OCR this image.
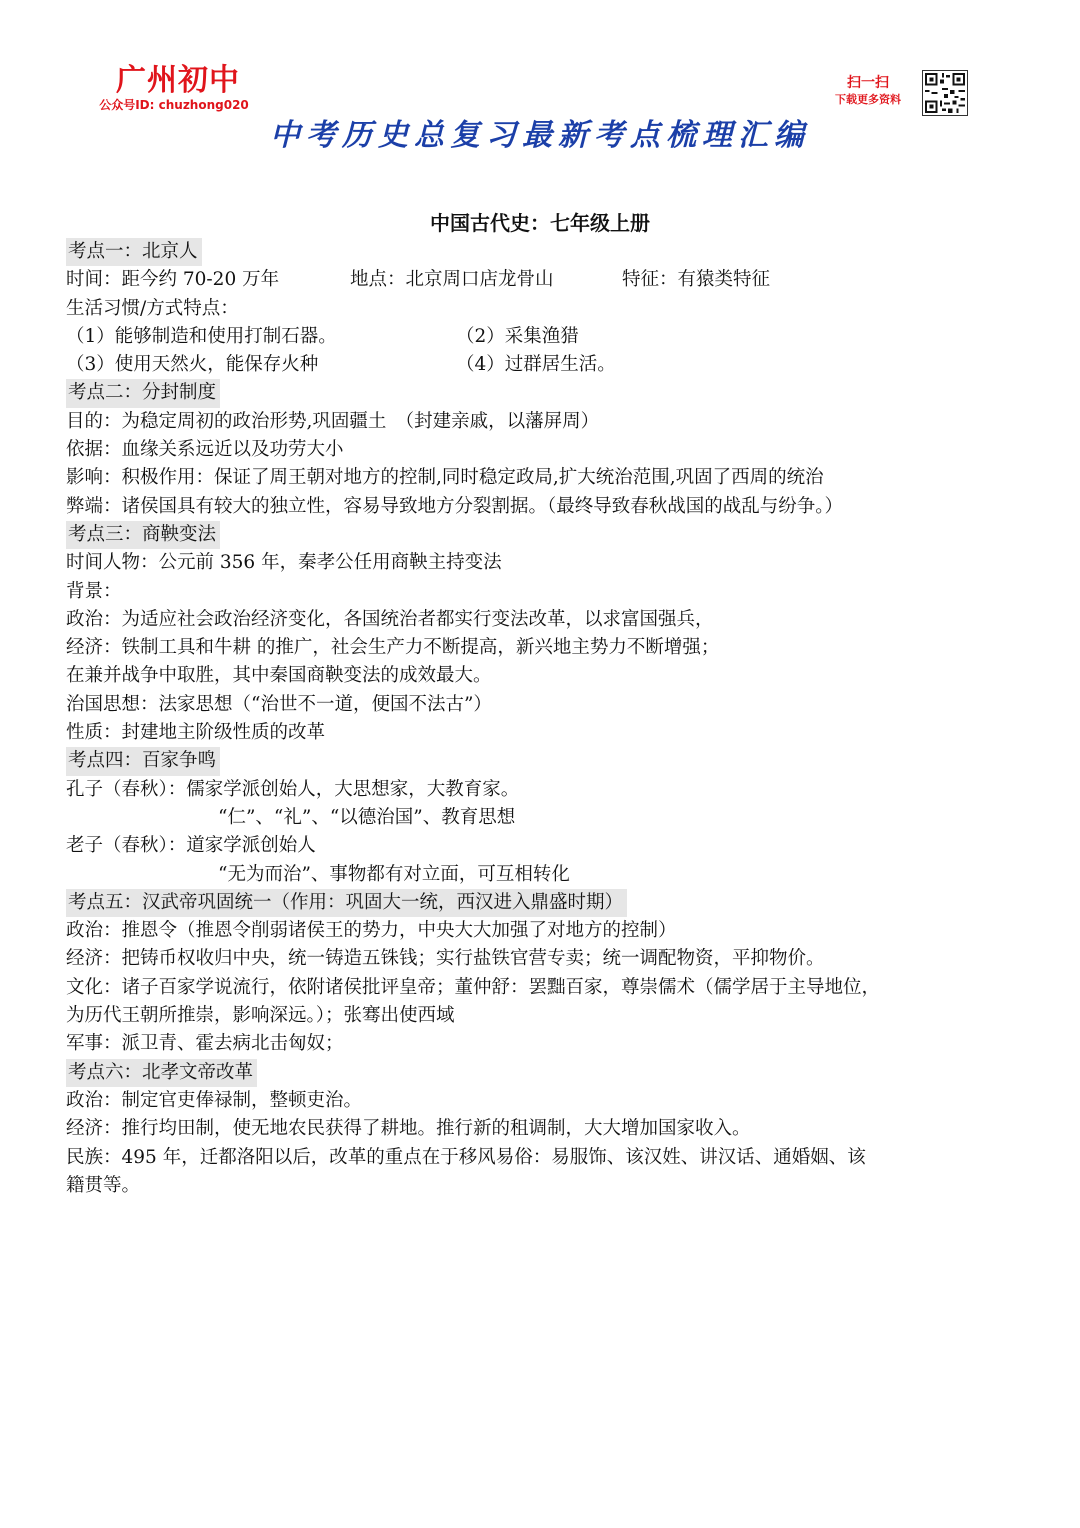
广州初中
公众号ID: chuzhong020
扫一扫
下载更多资料
中考历史总复习最新考点梳理汇编
中国古代史：七年级上册
考点一：北京人
时间：距今约 70-20 万年	地点：北京周口店龙骨山	特征：有猿类特征
生活习惯/方式特点：
（1）能够制造和使用打制石器。	（2）采集渔猎
（3）使用天然火，能保存火种	（4）过群居生活。
考点二：分封制度
目的：为稳定周初的政治形势,巩固疆土　（封建亲戚，以藩屏周）
依据：血缘关系远近以及功劳大小
影响：积极作用：保证了周王朝对地方的控制,同时稳定政局,扩大统治范围,巩固了西周的统治
弊端：诸侯国具有较大的独立性，容易导致地方分裂割据。（最终导致春秋战国的战乱与纷争。）
考点三：商鞅变法
时间人物：公元前 356 年，秦孝公任用商鞅主持变法
背景：
政治：为适应社会政治经济变化，各国统治者都实行变法改革，以求富国强兵，
经济：铁制工具和牛耕 的推广，社会生产力不断提高，新兴地主势力不断增强；
在兼并战争中取胜，其中秦国商鞅变法的成效最大。
治国思想：法家思想（“治世不一道，便国不法古”）
性质：封建地主阶级性质的改革
考点四：百家争鸣
孔子（春秋）：儒家学派创始人，大思想家，大教育家。
“仁”、“礼”、“以德治国”、教育思想
老子（春秋）：道家学派创始人
“无为而治”、事物都有对立面，可互相转化
考点五：汉武帝巩固统一（作用：巩固大一统，西汉进入鼎盛时期）
政治：推恩令（推恩令削弱诸侯王的势力，中央大大加强了对地方的控制）
经济：把铸币权收归中央，统一铸造五铢钱；实行盐铁官营专卖；统一调配物资，平抑物价。
文化：诸子百家学说流行，依附诸侯批评皇帝；董仲舒：罢黜百家，尊崇儒术（儒学居于主导地位，
为历代王朝所推崇，影响深远。）；张骞出使西域
军事：派卫青、霍去病北击匈奴；
考点六：北孝文帝改革
政治：制定官吏俸禄制，整顿吏治。
经济：推行均田制，使无地农民获得了耕地。推行新的租调制，大大增加国家收入。
民族：495 年，迁都洛阳以后，改革的重点在于移风易俗：易服饰、该汉姓、讲汉话、通婚姻、该
籍贯等。
